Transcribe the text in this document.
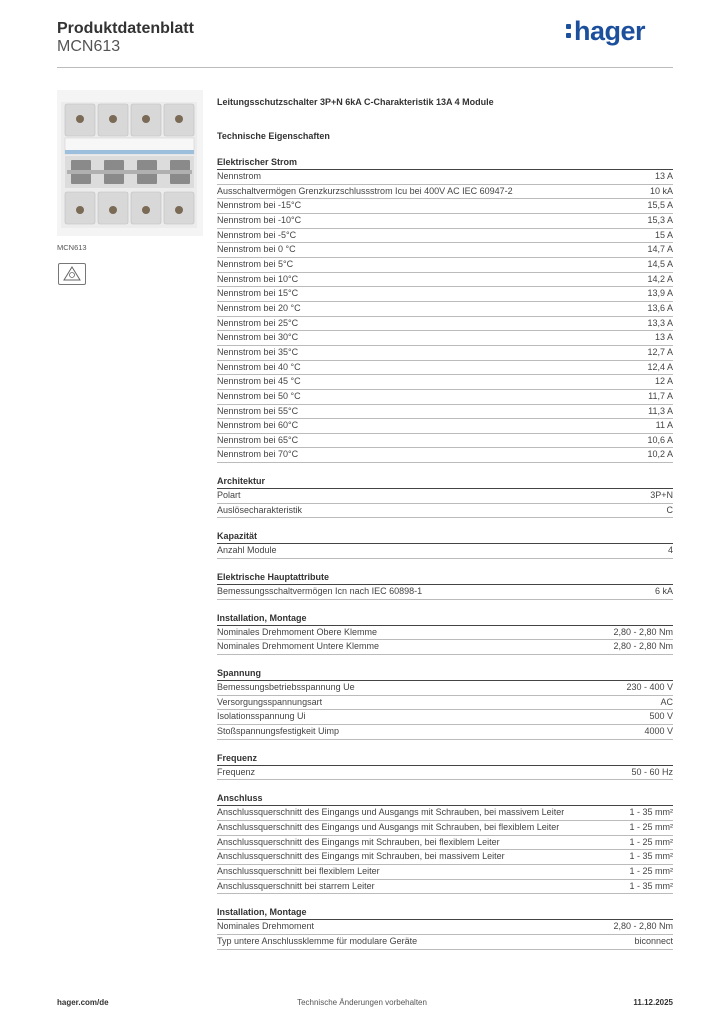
Produktdatenblatt
MCN613
hager
MCN613
Leitungsschutzschalter 3P+N 6kA C-Charakteristik 13A 4 Module
Technische Eigenschaften
Elektrischer Strom
Nennstrom	13 A
Ausschaltvermögen Grenzkurzschlussstrom Icu bei 400V AC IEC 60947-2	10 kA
Nennstrom bei -15°C	15,5 A
Nennstrom bei -10°C	15,3 A
Nennstrom bei -5°C	15 A
Nennstrom bei 0 °C	14,7 A
Nennstrom bei 5°C	14,5 A
Nennstrom bei 10°C	14,2 A
Nennstrom bei 15°C	13,9 A
Nennstrom bei 20 °C	13,6 A
Nennstrom bei 25°C	13,3 A
Nennstrom bei 30°C	13 A
Nennstrom bei 35°C	12,7 A
Nennstrom bei 40 °C	12,4 A
Nennstrom bei 45 °C	12 A
Nennstrom bei 50 °C	11,7 A
Nennstrom bei 55°C	11,3 A
Nennstrom bei 60°C	11 A
Nennstrom bei 65°C	10,6 A
Nennstrom bei 70°C	10,2 A
Architektur
Polart	3P+N
Auslösecharakteristik	C
Kapazität
Anzahl Module	4
Elektrische Hauptattribute
Bemessungsschaltvermögen Icn nach IEC 60898-1	6 kA
Installation, Montage
Nominales Drehmoment Obere Klemme	2,80 - 2,80 Nm
Nominales Drehmoment Untere Klemme	2,80 - 2,80 Nm
Spannung
Bemessungsbetriebsspannung Ue	230 - 400 V
Versorgungsspannungsart	AC
Isolationsspannung Ui	500 V
Stoßspannungsfestigkeit Uimp	4000 V
Frequenz
Frequenz	50 - 60 Hz
Anschluss
Anschlussquerschnitt des Eingangs und Ausgangs mit Schrauben, bei massivem Leiter	1 - 35 mm²
Anschlussquerschnitt des Eingangs und Ausgangs mit Schrauben, bei flexiblem Leiter	1 - 25 mm²
Anschlussquerschnitt des Eingangs mit Schrauben, bei flexiblem Leiter	1 - 25 mm²
Anschlussquerschnitt des Eingangs mit Schrauben, bei massivem Leiter	1 - 35 mm²
Anschlussquerschnitt bei flexiblem Leiter	1 - 25 mm²
Anschlussquerschnitt bei starrem Leiter	1 - 35 mm²
Installation, Montage
Nominales Drehmoment	2,80 - 2,80 Nm
Typ untere Anschlussklemme für modulare Geräte	biconnect
hager.com/de	Technische Änderungen vorbehalten	11.12.2025
